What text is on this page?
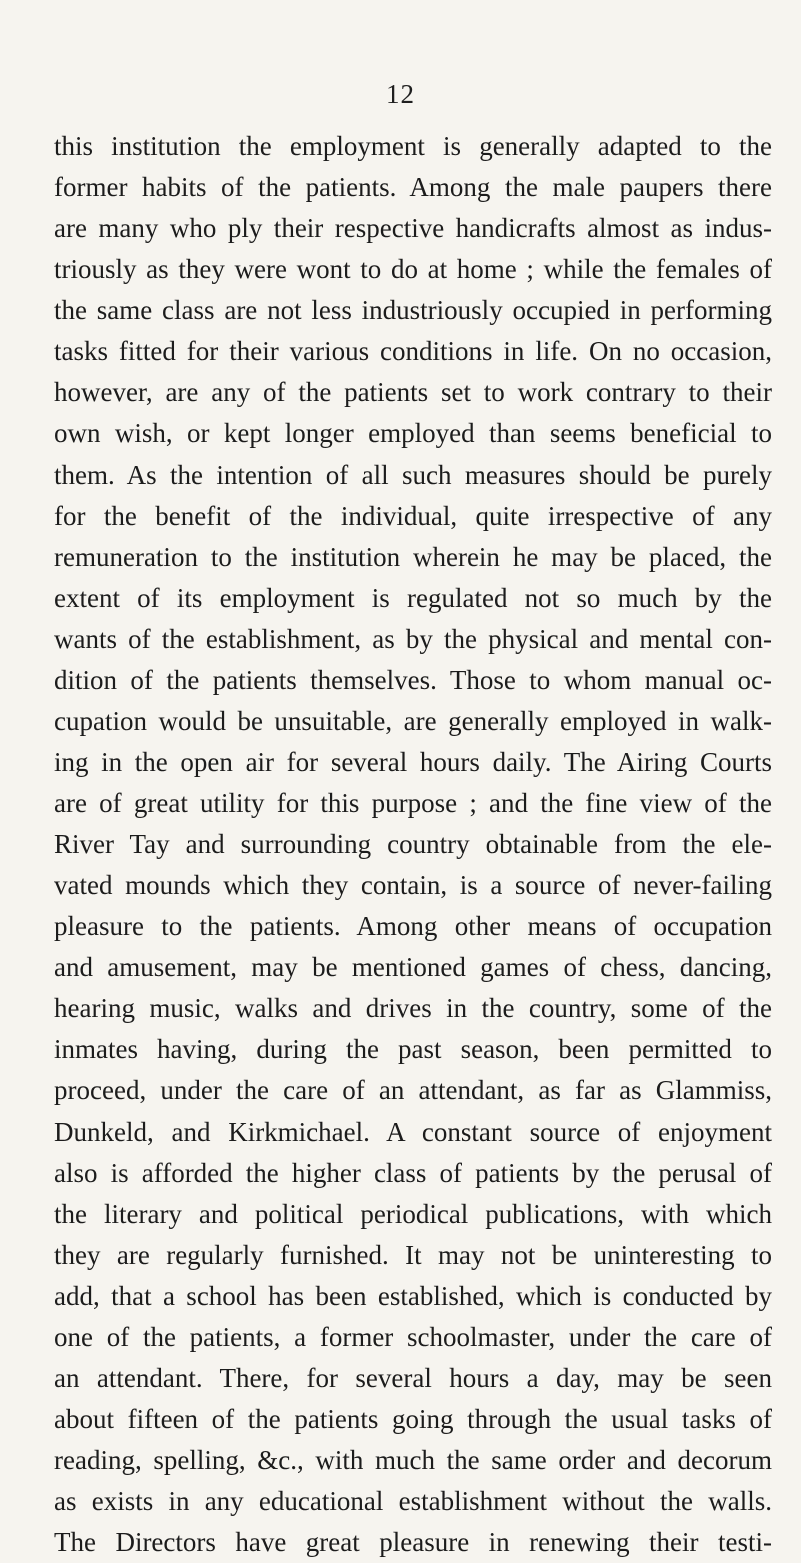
12
this institution the employment is generally adapted to the
former habits of the patients. Among the male paupers there
are many who ply their respective handicrafts almost as indus-
triously as they were wont to do at home ; while the females of
the same class are not less industriously occupied in performing
tasks fitted for their various conditions in life. On no occasion,
however, are any of the patients set to work contrary to their
own wish, or kept longer employed than seems beneficial to
them. As the intention of all such measures should be purely
for the benefit of the individual, quite irrespective of any
remuneration to the institution wherein he may be placed, the
extent of its employment is regulated not so much by the
wants of the establishment, as by the physical and mental con-
dition of the patients themselves. Those to whom manual oc-
cupation would be unsuitable, are generally employed in walk-
ing in the open air for several hours daily. The Airing Courts
are of great utility for this purpose ; and the fine view of the
River Tay and surrounding country obtainable from the ele-
vated mounds which they contain, is a source of never-failing
pleasure to the patients. Among other means of occupation
and amusement, may be mentioned games of chess, dancing,
hearing music, walks and drives in the country, some of the
inmates having, during the past season, been permitted to
proceed, under the care of an attendant, as far as Glammiss,
Dunkeld, and Kirkmichael. A constant source of enjoyment
also is afforded the higher class of patients by the perusal of
the literary and political periodical publications, with which
they are regularly furnished. It may not be uninteresting to
add, that a school has been established, which is conducted by
one of the patients, a former schoolmaster, under the care of
an attendant. There, for several hours a day, may be seen
about fifteen of the patients going through the usual tasks of
reading, spelling, &c., with much the same order and decorum
as exists in any educational establishment without the walls.
The Directors have great pleasure in renewing their testi-
